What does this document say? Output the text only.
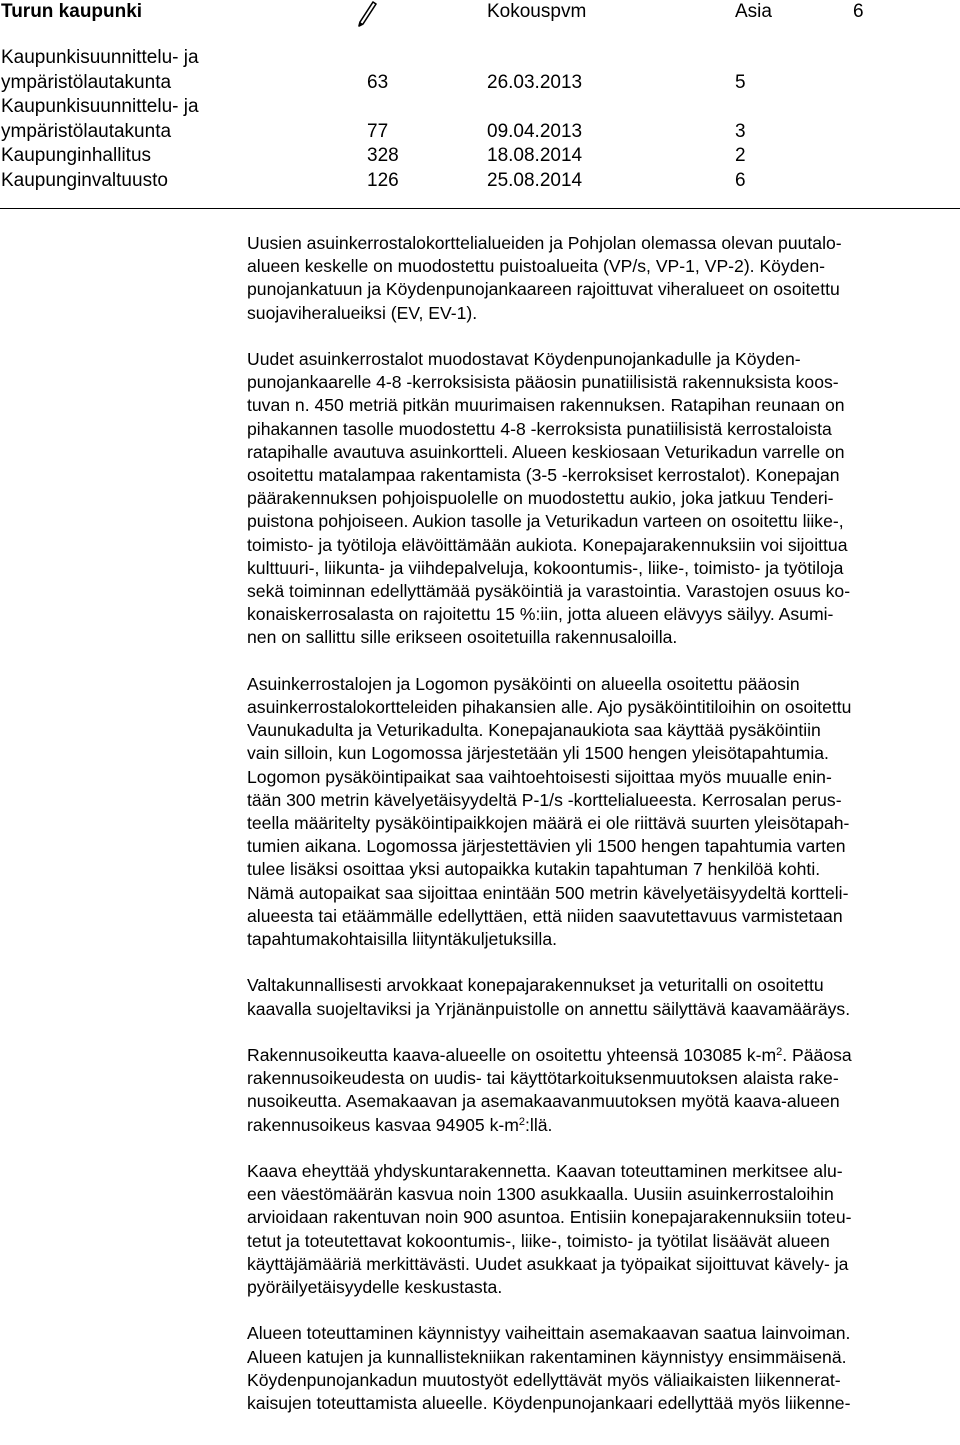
Turun kaupunki	Kokouspvm	Asia	6
Kaupunkisuunnittelu- ja
ympäristölautakunta	63	26.03.2013	5
Kaupunkisuunnittelu- ja
ympäristölautakunta	77	09.04.2013	3
Kaupunginhallitus	328	18.08.2014	2
Kaupunginvaltuusto	126	25.08.2014	6

Uusien asuinkerrostalokorttelialueiden ja Pohjolan olemassa olevan puutalo-
alueen keskelle on muodostettu puistoalueita (VP/s, VP-1, VP-2). Köyden-
punojankatuun ja Köydenpunojankaareen rajoittuvat viheralueet on osoitettu
suojaviheralueiksi (EV, EV-1).

Uudet asuinkerrostalot muodostavat Köydenpunojankadulle ja Köyden-
punojankaarelle 4-8 -kerroksisista pääosin punatiilisistä rakennuksista koos-
tuvan n. 450 metriä pitkän muurimaisen rakennuksen. Ratapihan reunaan on
pihakannen tasolle muodostettu 4-8 -kerroksista punatiilisistä kerrostaloista
ratapihalle avautuva asuinkortteli. Alueen keskiosaan Veturikadun varrelle on
osoitettu matalampaa rakentamista (3-5 -kerroksiset kerrostalot). Konepajan
päärakennuksen pohjoispuolelle on muodostettu aukio, joka jatkuu Tenderi-
puistona pohjoiseen. Aukion tasolle ja Veturikadun varteen on osoitettu liike-,
toimisto- ja työtiloja elävöittämään aukiota. Konepajarakennuksiin voi sijoittua
kulttuuri-, liikunta- ja viihdepalveluja, kokoontumis-, liike-, toimisto- ja työtiloja
sekä toiminnan edellyttämää pysäköintiä ja varastointia. Varastojen osuus ko-
konaiskerrosalasta on rajoitettu 15 %:iin, jotta alueen elävyys säilyy. Asumi-
nen on sallittu sille erikseen osoitetuilla rakennusaloilla.

Asuinkerrostalojen ja Logomon pysäköinti on alueella osoitettu pääosin
asuinkerrostalokortteleiden pihakansien alle. Ajo pysäköintitiloihin on osoitettu
Vaunukadulta ja Veturikadulta. Konepajanaukiota saa käyttää pysäköintiin
vain silloin, kun Logomossa järjestetään yli 1500 hengen yleisötapahtumia.
Logomon pysäköintipaikat saa vaihtoehtoisesti sijoittaa myös muualle enin-
tään 300 metrin kävelyetäisyydeltä P-1/s -korttelialueesta. Kerrosalan perus-
teella määritelty pysäköintipaikkojen määrä ei ole riittävä suurten yleisötapah-
tumien aikana. Logomossa järjestettävien yli 1500 hengen tapahtumia varten
tulee lisäksi osoittaa yksi autopaikka kutakin tapahtuman 7 henkilöä kohti.
Nämä autopaikat saa sijoittaa enintään 500 metrin kävelyetäisyydeltä kortteli-
alueesta tai etäämmälle edellyttäen, että niiden saavutettavuus varmistetaan
tapahtumakohtaisilla liityntäkuljetuksilla.

Valtakunnallisesti arvokkaat konepajarakennukset ja veturitalli on osoitettu
kaavalla suojeltaviksi ja Yrjänänpuistolle on annettu säilyttävä kaavamääräys.

Rakennusoikeutta kaava-alueelle on osoitettu yhteensä 103085 $k-m^2$. Pääosa
rakennusoikeudesta on uudis- tai käyttötarkoituksenmuutoksen alaista rake-
nusoikeutta. Asemakaavan ja asemakaavanmuutoksen myötä kaava-alueen
rakennusoikeus kasvaa 94905 $k-m^2:llä$.

Kaava eheyttää yhdyskuntarakennetta. Kaavan toteuttaminen merkitsee alu-
een väestömäärän kasvua noin 1300 asukkaalla. Uusiin asuinkerrostaloihin
arvioidaan rakentuvan noin 900 asuntoa. Entisiin konepajarakennuksiin toteu-
tetut ja toteutettavat kokoontumis-, liike-, toimisto- ja työtilat lisäävät alueen
käyttäjämääriä merkittävästi. Uudet asukkaat ja työpaikat sijoittuvat kävely- ja
pyöräilyetäisyydelle keskustasta.

Alueen toteuttaminen käynnistyy vaiheittain asemakaavan saatua lainvoiman.
Alueen katujen ja kunnallistekniikan rakentaminen käynnistyy ensimmäisenä.
Köydenpunojankadun muutostyöt edellyttävät myös väliaikaisten liikennerat-
kaisujen toteuttamista alueelle. Köydenpunojankaari edellyttää myös liikenne-
